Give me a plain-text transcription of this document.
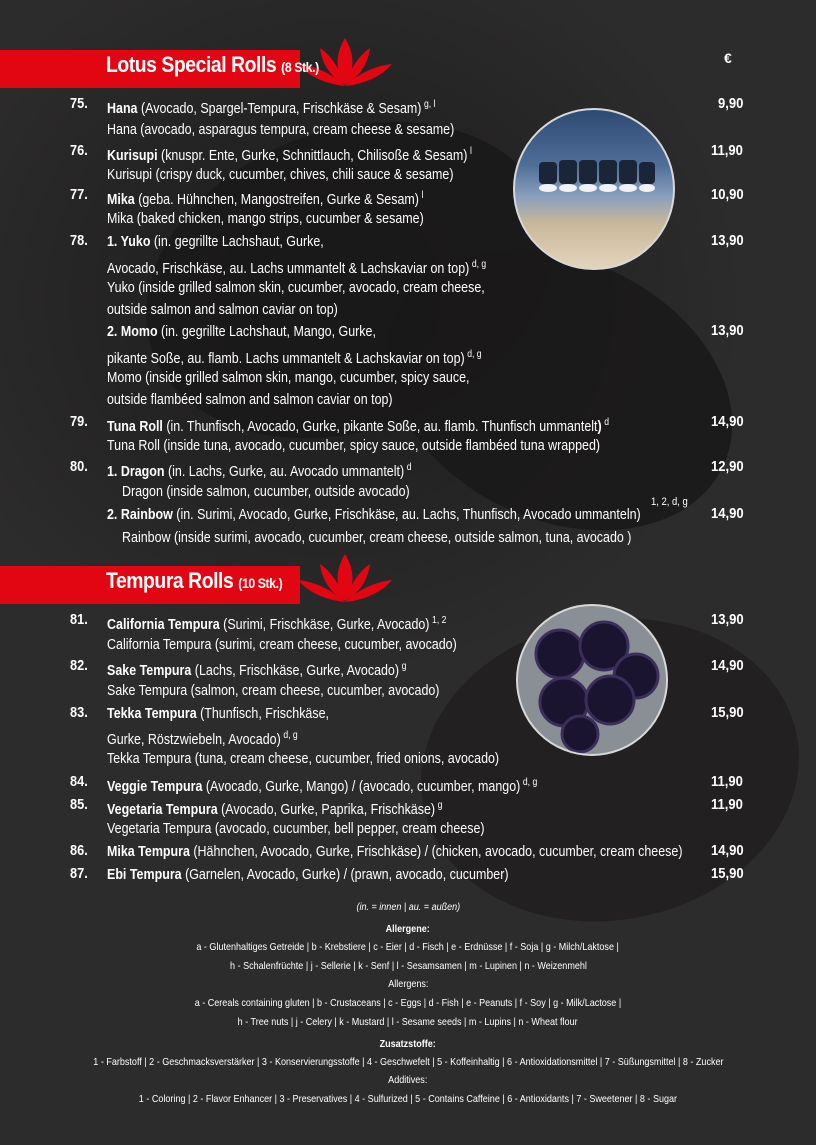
Lotus Special Rolls (8 Stk.)
€
75. Hana (Avocado, Spargel-Tempura, Frischkäse & Sesam) $^{g, l}$	9,90
Hana (avocado, asparagus tempura, cream cheese & sesame)
76. Kurisupi (knuspr. Ente, Gurke, Schnittlauch, Chilisoße & Sesam) $^l$	11,90
Kurisupi (crispy duck, cucumber, chives, chili sauce & sesame)
77. Mika (geba. Hühnchen, Mangostreifen, Gurke & Sesam) $^l$	10,90
Mika (baked chicken, mango strips, cucumber & sesame)
78. 1. Yuko (in. gegrillte Lachshaut, Gurke,	13,90
Avocado, Frischkäse, au. Lachs ummantelt & Lachskaviar on top) $^{d, g}$
Yuko (inside grilled salmon skin, cucumber, avocado, cream cheese,
outside salmon and salmon caviar on top)
2. Momo (in. gegrillte Lachshaut, Mango, Gurke,	13,90
pikante Soße, au. flamb. Lachs ummantelt & Lachskaviar on top) $^{d, g}$
Momo (inside grilled salmon skin, mango, cucumber, spicy sauce,
outside flambéed salmon and salmon caviar on top)
79. Tuna Roll (in. Thunfisch, Avocado, Gurke, pikante Soße, au. flamb. Thunfisch ummantelt) $^d$	14,90
Tuna Roll (inside tuna, avocado, cucumber, spicy sauce, outside flambéed tuna wrapped)
80. 1. Dragon (in. Lachs, Gurke, au. Avocado ummantelt) $^d$	12,90
Dragon (inside salmon, cucumber, outside avocado)
1, 2, d, g
2. Rainbow (in. Surimi, Avocado, Gurke, Frischkäse, au. Lachs, Thunfisch, Avocado ummanteln)	14,90
Rainbow (inside surimi, avocado, cucumber, cream cheese, outside salmon, tuna, avocado )
Tempura Rolls (10 Stk.)
81. California Tempura (Surimi, Frischkäse, Gurke, Avocado) $^{1, 2}$	13,90
California Tempura (surimi, cream cheese, cucumber, avocado)
82. Sake Tempura (Lachs, Frischkäse, Gurke, Avocado) $^g$	14,90
Sake Tempura (salmon, cream cheese, cucumber, avocado)
83. Tekka Tempura (Thunfisch, Frischkäse,	15,90
Gurke, Röstzwiebeln, Avocado) $^{d, g}$
Tekka Tempura (tuna, cream cheese, cucumber, fried onions, avocado)
84. Veggie Tempura (Avocado, Gurke, Mango) / (avocado, cucumber, mango) $^{d, g}$	11,90
85. Vegetaria Tempura (Avocado, Gurke, Paprika, Frischkäse) $^g$	11,90
Vegetaria Tempura (avocado, cucumber, bell pepper, cream cheese)
86. Mika Tempura (Hähnchen, Avocado, Gurke, Frischkäse) / (chicken, avocado, cucumber, cream cheese) 14,90
87. Ebi Tempura (Garnelen, Avocado, Gurke) / (prawn, avocado, cucumber)	15,90
(in. = innen | au. = außen)
Allergene:
a - Glutenhaltiges Getreide | b - Krebstiere | c - Eier | d - Fisch | e - Erdnüsse | f - Soja | g - Milch/Laktose |
h - Schalenfrüchte | j - Sellerie | k - Senf | l - Sesamsamen | m - Lupinen | n - Weizenmehl
Allergens:
a - Cereals containing gluten | b - Crustaceans | c - Eggs | d - Fish | e - Peanuts | f - Soy | g - Milk/Lactose |
h - Tree nuts | j - Celery | k - Mustard | l - Sesame seeds | m - Lupins | n - Wheat flour
Zusatzstoffe:
1 - Farbstoff | 2 - Geschmacksverstärker | 3 - Konservierungsstoffe | 4 - Geschwefelt | 5 - Koffeinhaltig | 6 - Antioxidationsmittel | 7 - Süßungsmittel | 8 - Zucker
Additives:
1 - Coloring | 2 - Flavor Enhancer | 3 - Preservatives | 4 - Sulfurized | 5 - Contains Caffeine | 6 - Antioxidants | 7 - Sweetener | 8 - Sugar
